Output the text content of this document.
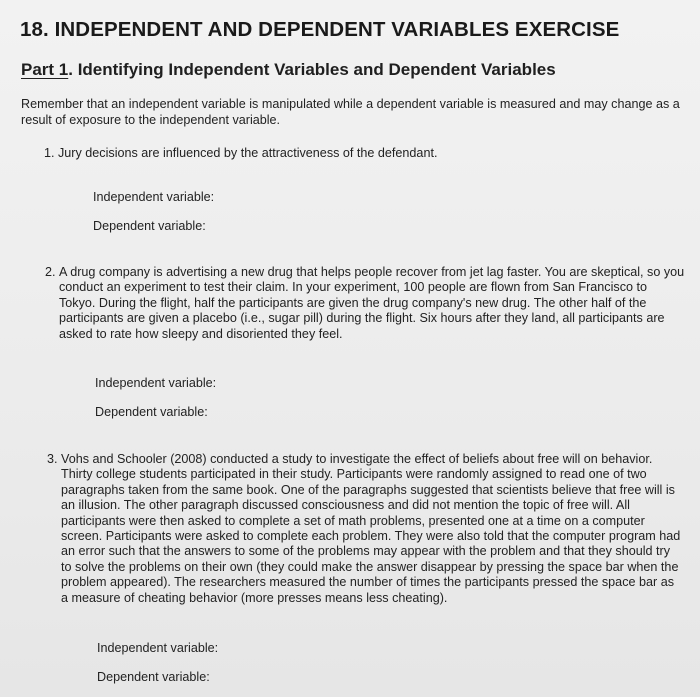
18. INDEPENDENT AND DEPENDENT VARIABLES EXERCISE
Part 1. Identifying Independent Variables and Dependent Variables
Remember that an independent variable is manipulated while a dependent variable is measured and may change as a result of exposure to the independent variable.
1. Jury decisions are influenced by the attractiveness of the defendant.
Independent variable:
Dependent variable:
2. A drug company is advertising a new drug that helps people recover from jet lag faster. You are skeptical, so you conduct an experiment to test their claim. In your experiment, 100 people are flown from San Francisco to Tokyo. During the flight, half the participants are given the drug company's new drug. The other half of the participants are given a placebo (i.e., sugar pill) during the flight. Six hours after they land, all participants are asked to rate how sleepy and disoriented they feel.
Independent variable:
Dependent variable:
3. Vohs and Schooler (2008) conducted a study to investigate the effect of beliefs about free will on behavior. Thirty college students participated in their study. Participants were randomly assigned to read one of two paragraphs taken from the same book. One of the paragraphs suggested that scientists believe that free will is an illusion. The other paragraph discussed consciousness and did not mention the topic of free will. All participants were then asked to complete a set of math problems, presented one at a time on a computer screen. Participants were asked to complete each problem. They were also told that the computer program had an error such that the answers to some of the problems may appear with the problem and that they should try to solve the problems on their own (they could make the answer disappear by pressing the space bar when the problem appeared). The researchers measured the number of times the participants pressed the space bar as a measure of cheating behavior (more presses means less cheating).
Independent variable:
Dependent variable:
